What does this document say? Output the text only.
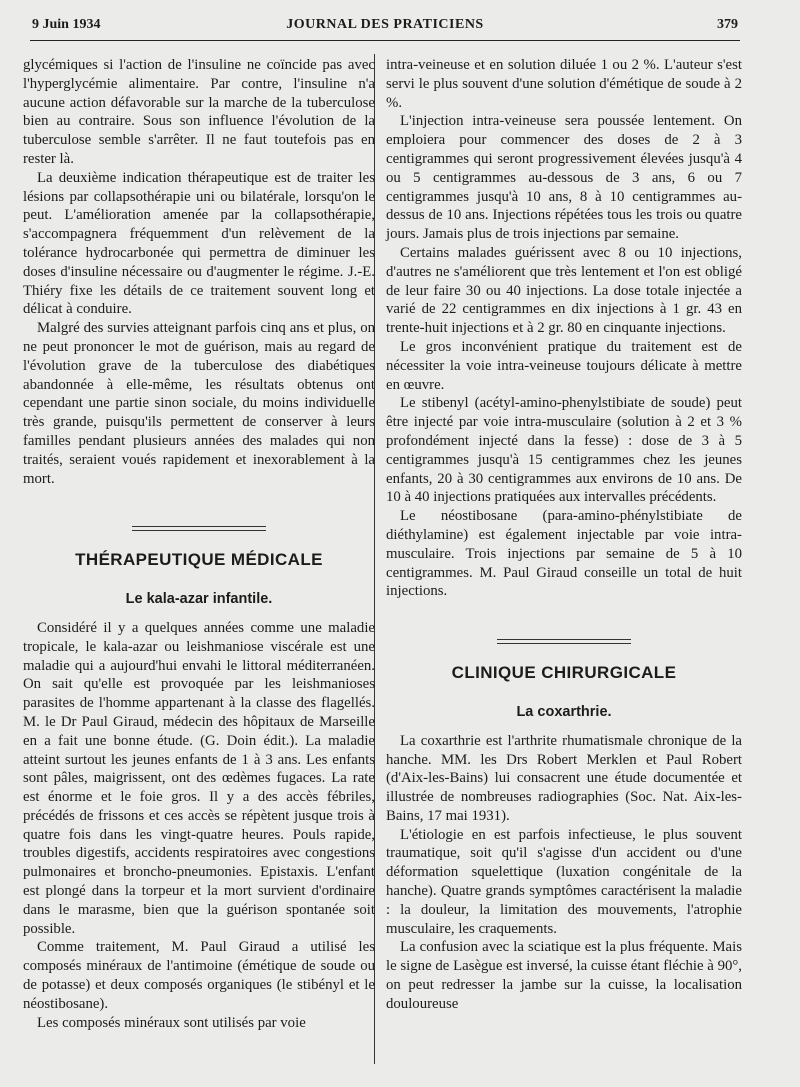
9 Juin 1934	JOURNAL DES PRATICIENS	379

glycémiques si l'action de l'insuline ne coïncide pas avec l'hyperglycémie alimentaire. Par contre, l'insuline n'a aucune action défavorable sur la marche de la tuberculose bien au contraire. Sous son influence l'évolution de la tuberculose semble s'arrêter. Il ne faut toutefois pas en rester là.

La deuxième indication thérapeutique est de traiter les lésions par collapsothérapie uni ou bilatérale, lorsqu'on le peut. L'amélioration amenée par la collapsothérapie, s'accompagnera fréquemment d'un relèvement de la tolérance hydrocarbonée qui permettra de diminuer les doses d'insuline nécessaire ou d'augmenter le régime. J.-E. Thiéry fixe les détails de ce traitement souvent long et délicat à conduire.

Malgré des survies atteignant parfois cinq ans et plus, on ne peut prononcer le mot de guérison, mais au regard de l'évolution grave de la tuberculose des diabétiques abandonnée à elle-même, les résultats obtenus ont cependant une partie sinon sociale, du moins individuelle très grande, puisqu'ils permettent de conserver à leurs familles pendant plusieurs années des malades qui non traités, seraient voués rapidement et inexorablement à la mort.

THÉRAPEUTIQUE MÉDICALE
Le kala-azar infantile.

Considéré il y a quelques années comme une maladie tropicale, le kala-azar ou leishmaniose viscérale est une maladie qui a aujourd'hui envahi le littoral méditerranéen. On sait qu'elle est provoquée par les leishmanioses parasites de l'homme appartenant à la classe des flagellés. M. le Dr Paul Giraud, médecin des hôpitaux de Marseille en a fait une bonne étude. (G. Doin édit.). La maladie atteint surtout les jeunes enfants de 1 à 3 ans. Les enfants sont pâles, maigrissent, ont des œdèmes fugaces. La rate est énorme et le foie gros. Il y a des accès fébriles, précédés de frissons et ces accès se répètent jusque trois à quatre fois dans les vingt-quatre heures. Pouls rapide, troubles digestifs, accidents respiratoires avec congestions pulmonaires et broncho-pneumonies. Epistaxis. L'enfant est plongé dans la torpeur et la mort survient d'ordinaire dans le marasme, bien que la guérison spontanée soit possible.

Comme traitement, M. Paul Giraud a utilisé les composés minéraux de l'antimoine (émétique de soude ou de potasse) et deux composés organiques (le stibényl et le néostibosane).

Les composés minéraux sont utilisés par voie

intra-veineuse et en solution diluée 1 ou 2 %. L'auteur s'est servi le plus souvent d'une solution d'émétique de soude à 2 %.

L'injection intra-veineuse sera poussée lentement. On emploiera pour commencer des doses de 2 à 3 centigrammes qui seront progressivement élevées jusqu'à 4 ou 5 centigrammes au-dessous de 3 ans, 6 ou 7 centigrammes jusqu'à 10 ans, 8 à 10 centigrammes au-dessus de 10 ans. Injections répétées tous les trois ou quatre jours. Jamais plus de trois injections par semaine.

Certains malades guérissent avec 8 ou 10 injections, d'autres ne s'améliorent que très lentement et l'on est obligé de leur faire 30 ou 40 injections. La dose totale injectée a varié de 22 centigrammes en dix injections à 1 gr. 43 en trente-huit injections et à 2 gr. 80 en cinquante injections.

Le gros inconvénient pratique du traitement est de nécessiter la voie intra-veineuse toujours délicate à mettre en œuvre.

Le stibenyl (acétyl-amino-phenylstibiate de soude) peut être injecté par voie intra-musculaire (solution à 2 et 3 % profondément injecté dans la fesse) : dose de 3 à 5 centigrammes jusqu'à 15 centigrammes chez les jeunes enfants, 20 à 30 centigrammes aux environs de 10 ans. De 10 à 40 injections pratiquées aux intervalles précédents.

Le néostibosane (para-amino-phénylstibiate de diéthylamine) est également injectable par voie intra-musculaire. Trois injections par semaine de 5 à 10 centigrammes. M. Paul Giraud conseille un total de huit injections.

CLINIQUE CHIRURGICALE
La coxarthrie.

La coxarthrie est l'arthrite rhumatismale chronique de la hanche. MM. les Drs Robert Merklen et Paul Robert (d'Aix-les-Bains) lui consacrent une étude documentée et illustrée de nombreuses radiographies (Soc. Nat. Aix-les-Bains, 17 mai 1931).

L'étiologie en est parfois infectieuse, le plus souvent traumatique, soit qu'il s'agisse d'un accident ou d'une déformation squelettique (luxation congénitale de la hanche). Quatre grands symptômes caractérisent la maladie : la douleur, la limitation des mouvements, l'atrophie musculaire, les craquements.

La confusion avec la sciatique est la plus fréquente. Mais le signe de Lasègue est inversé, la cuisse étant fléchie à 90°, on peut redresser la jambe sur la cuisse, la localisation douloureuse
